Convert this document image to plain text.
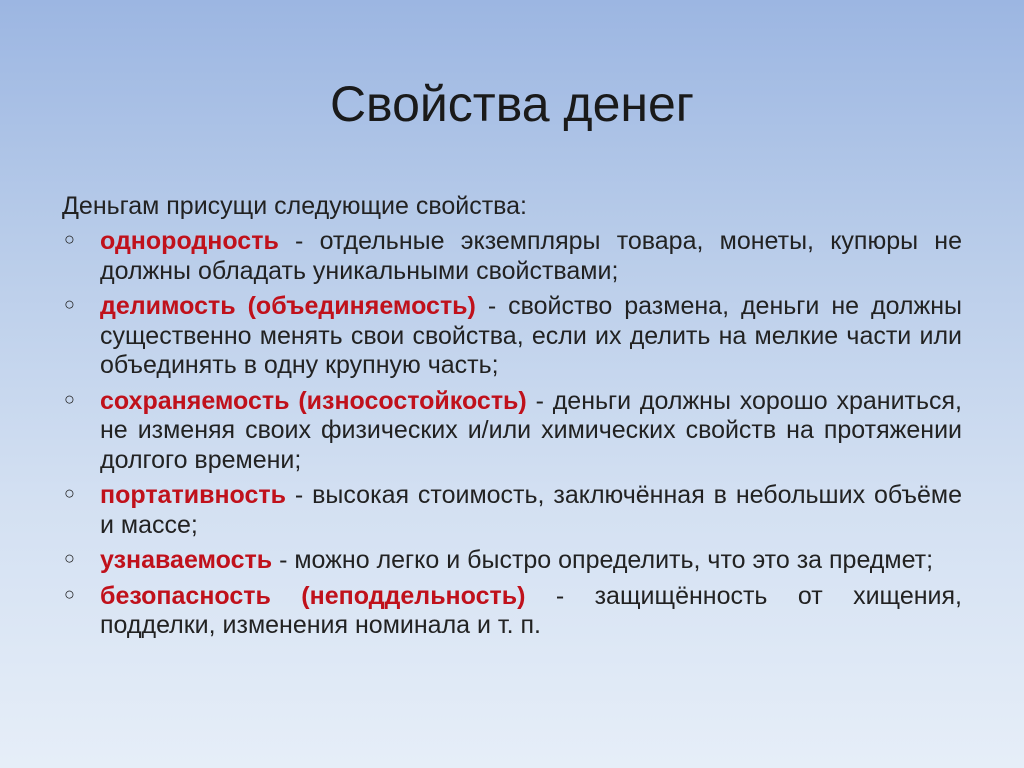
Свойства денег
Деньгам присущи следующие свойства:
○ однородность - отдельные экземпляры товара, монеты, купюры не должны обладать уникальными свойствами;
○ делимость (объединяемость) - свойство размена, деньги не должны существенно менять свои свойства, если их делить на мелкие части или объединять в одну крупную часть;
○ сохраняемость (износостойкость) - деньги должны хорошо храниться, не изменяя своих физических и/или химических свойств на протяжении долгого времени;
○ портативность - высокая стоимость, заключённая в небольших объёме и массе;
○ узнаваемость - можно легко и быстро определить, что это за предмет;
○ безопасность (неподдельность) - защищённость от хищения, подделки, изменения номинала и т. п.
